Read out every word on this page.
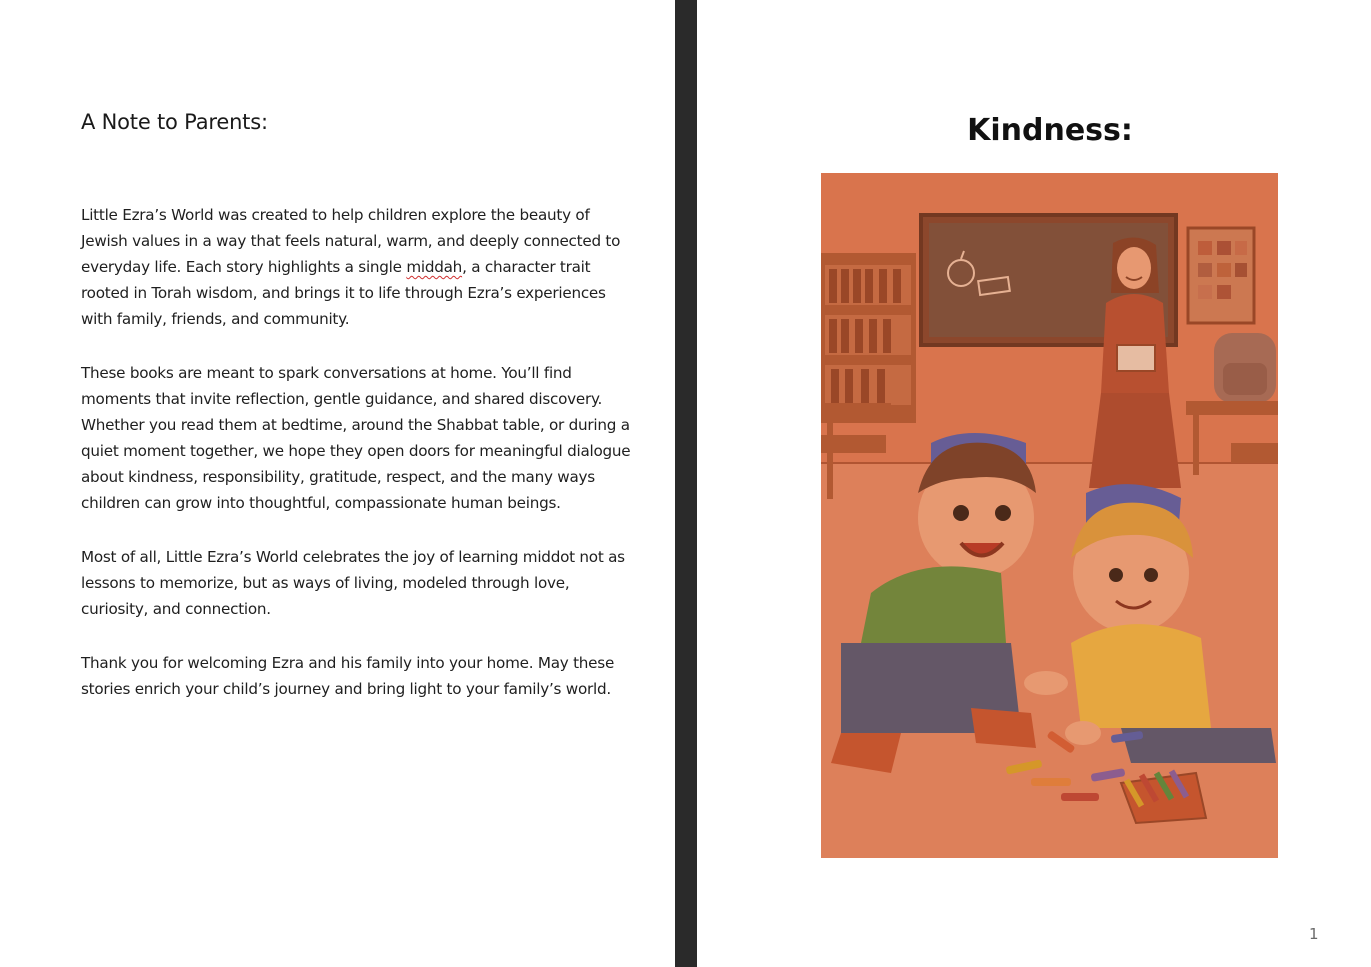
A Note to Parents:

Little Ezra’s World was created to help children explore the beauty of Jewish values in a way that feels natural, warm, and deeply connected to everyday life. Each story highlights a single middah, a character trait rooted in Torah wisdom, and brings it to life through Ezra’s experiences with family, friends, and community.

These books are meant to spark conversations at home. You’ll find moments that invite reflection, gentle guidance, and shared discovery. Whether you read them at bedtime, around the Shabbat table, or during a quiet moment together, we hope they open doors for meaningful dialogue about kindness, responsibility, gratitude, respect, and the many ways children can grow into thoughtful, compassionate human beings.

Most of all, Little Ezra’s World celebrates the joy of learning middot not as lessons to memorize, but as ways of living, modeled through love, curiosity, and connection.

Thank you for welcoming Ezra and his family into your home. May these stories enrich your child’s journey and bring light to your family’s world.

Kindness:
1
